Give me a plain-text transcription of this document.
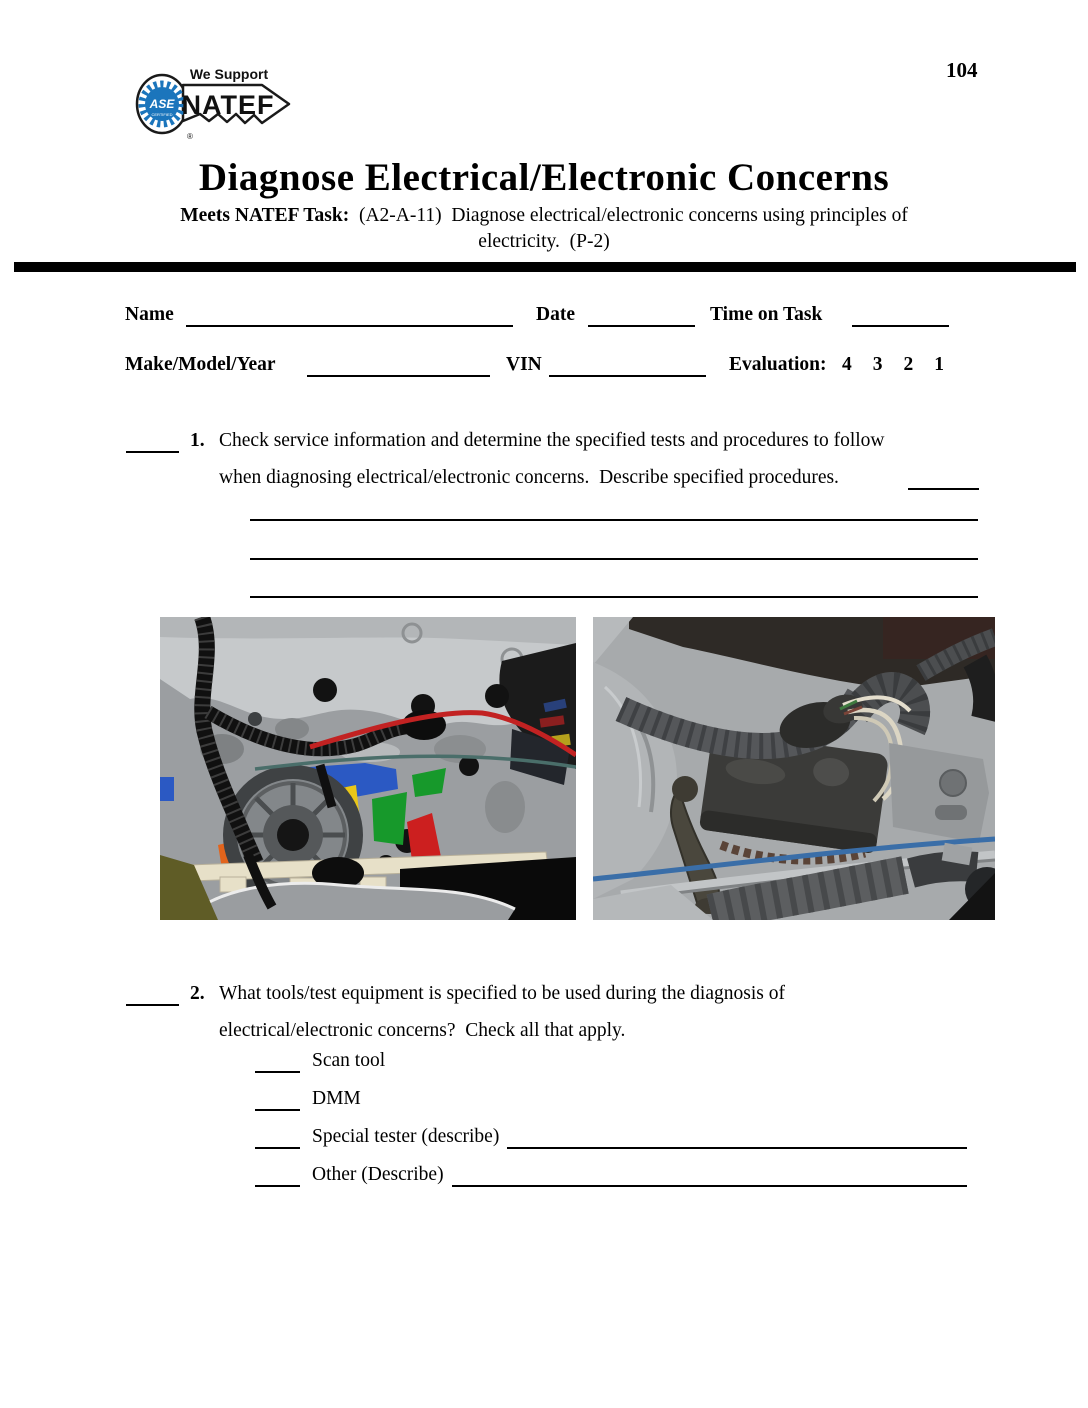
104
ASE
CERTIFIED
We Support
NATEF
®
Diagnose Electrical/Electronic Concerns
Meets NATEF Task:  (A2-A-11)  Diagnose electrical/electronic concerns using principles of
electricity.  (P-2)
Name	Date	Time on Task
Make/Model/Year	VIN	Evaluation: 4 3 2 1
1. Check service information and determine the specified tests and procedures to follow
when diagnosing electrical/electronic concerns.  Describe specified procedures.
2. What tools/test equipment is specified to be used during the diagnosis of
electrical/electronic concerns?  Check all that apply.
Scan tool
DMM
Special tester (describe)
Other (Describe)
